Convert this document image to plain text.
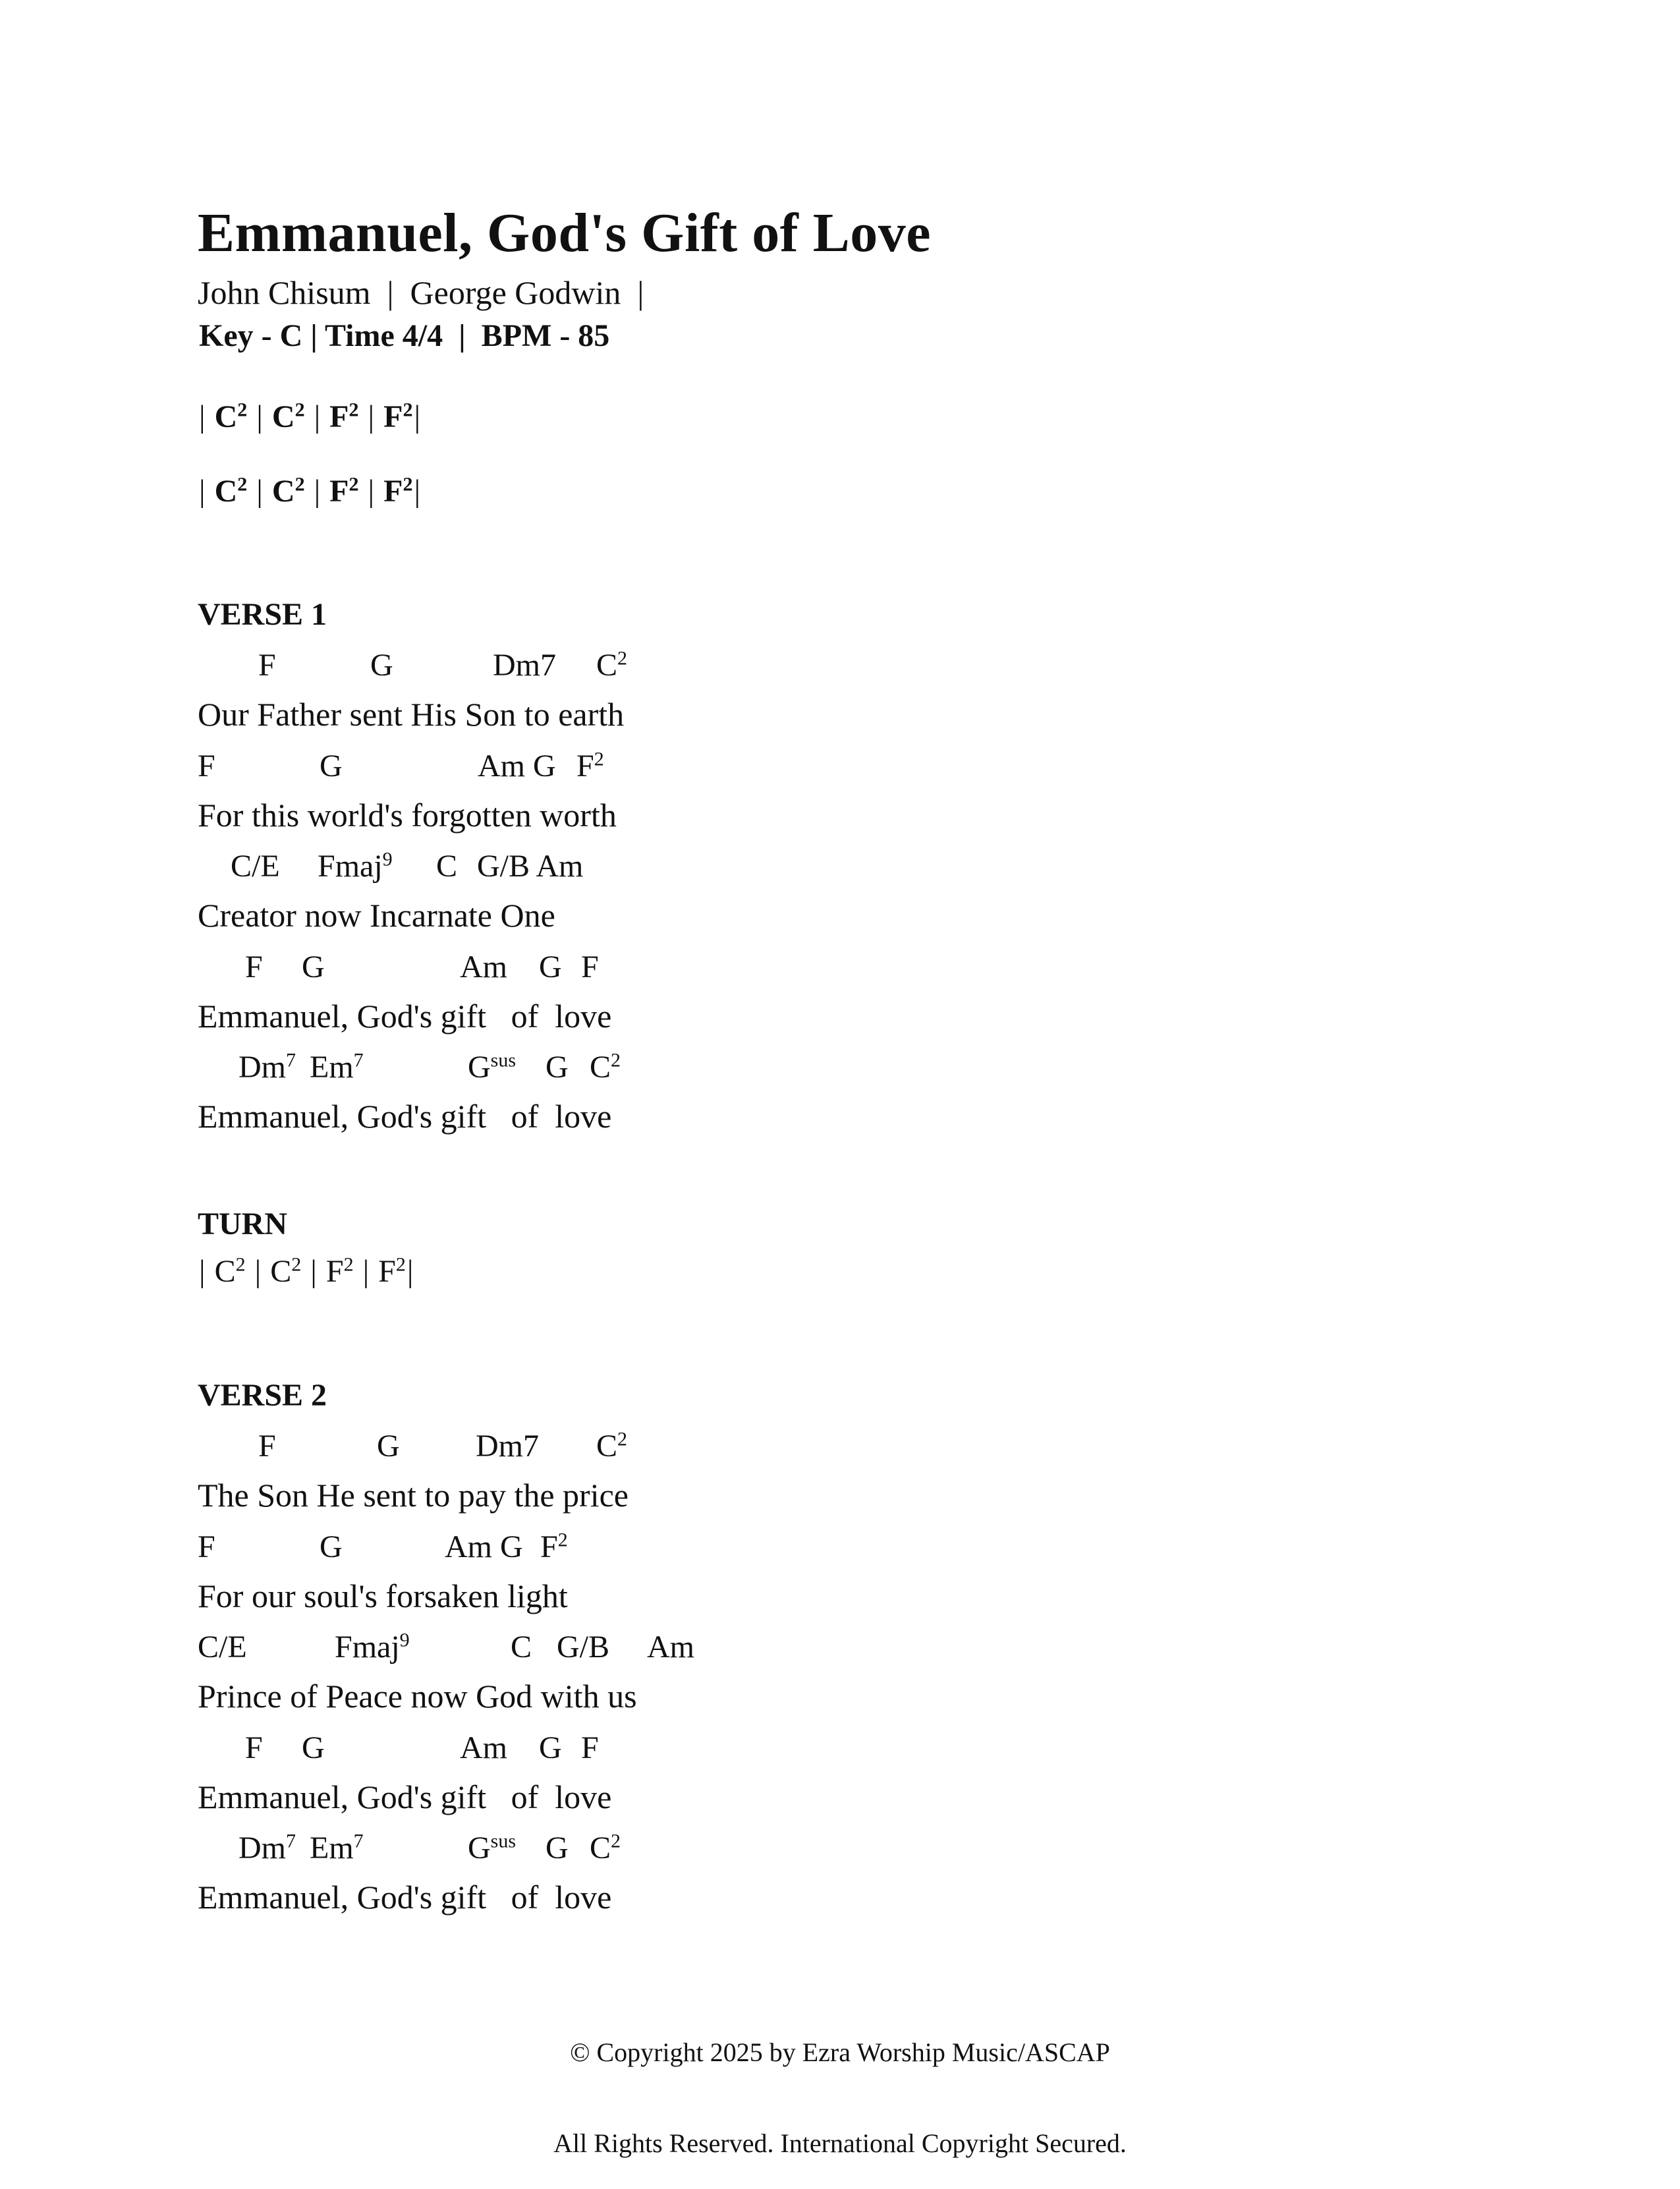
Emmanuel, God's Gift of Love
John Chisum  |  George Godwin  |
Key - C | Time 4/4  |  BPM - 85
| $C^2$ | $C^2$ | $F^2$ | $F^2|$
| $C^2$ | $C^2$ | $F^2$ | $F^2|$
VERSE 1
F	G	Dm7 $C^2$
Our Father sent His Son to earth
F	G	Am G $F^2$
For this world's forgotten worth
C/E Fmaj$^9$ C G/B Am
Creator now Incarnate One
F G	Am G F
Emmanuel, God's gift   of  love
Dm$^7$ Em$^7$	$G^{sus}$ G $C^2$
Emmanuel, God's gift   of  love
TURN
| $C^2$ | $C^2$ | $F^2$ | $F^2|$
VERSE 2
F	G Dm7 $C^2$
The Son He sent to pay the price
F	G	Am G $F^2$
For our soul's forsaken light
C/E	Fmaj$^9$	C G/B Am
Prince of Peace now God with us
F G	Am G F
Emmanuel, God's gift   of  love
Dm$^7$ Em$^7$	$G^{sus}$ G $C^2$
Emmanuel, God's gift   of  love

© Copyright 2025 by Ezra Worship Music/ASCAP

All Rights Reserved. International Copyright Secured.
